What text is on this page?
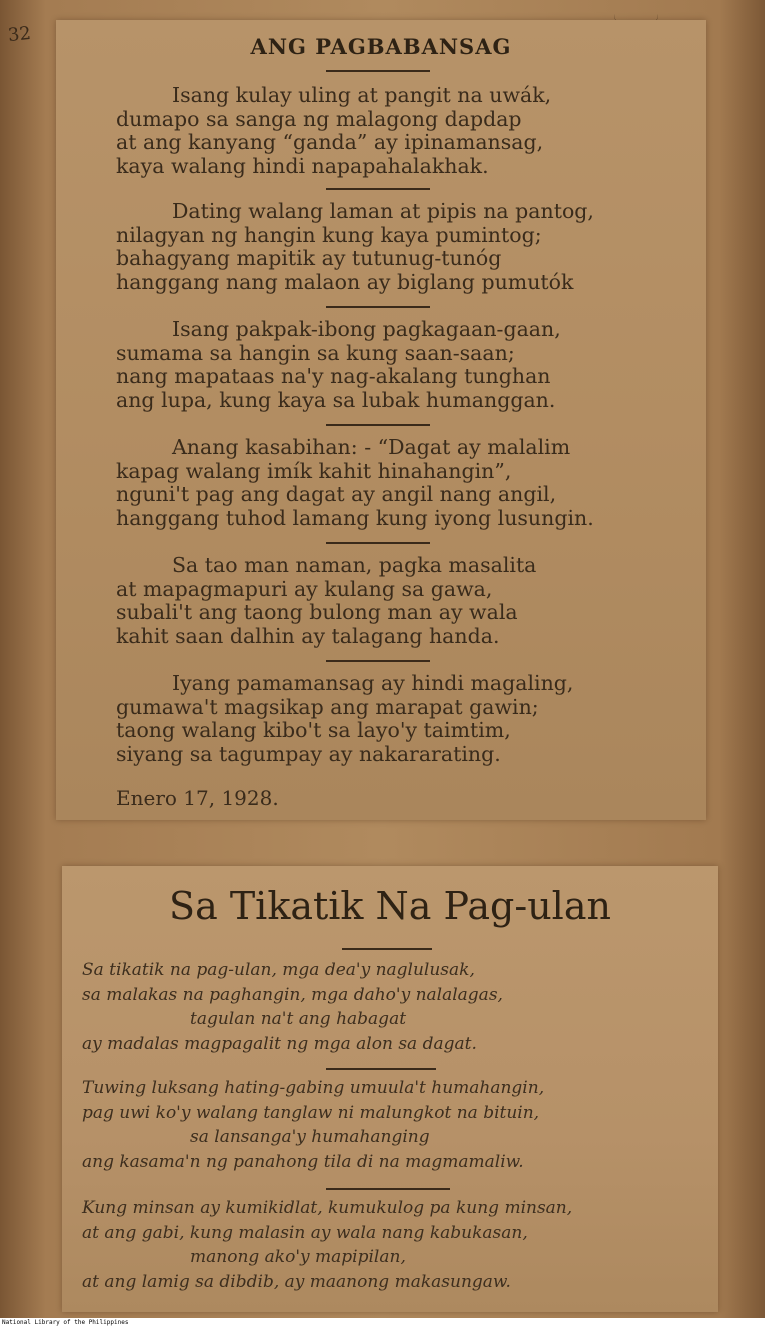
32	ANG PAGBABANSAG

Isang kulay uling at pangit na uwák,
dumapo sa sanga ng malagong dapdap
at ang kanyang “ganda” ay ipinamansag,
kaya walang hindi napapahalakhak.

Dating walang laman at pipis na pantog,
nilagyan ng hangin kung kaya pumintog;
bahagyang mapitik ay tutunug-tunóg
hanggang nang malaon ay biglang pumutók

Isang pakpak-ibong pagkagaan-gaan,
sumama sa hangin sa kung saan-saan;
nang mapataas na'y nag-akalang tunghan
ang lupa, kung kaya sa lubak humanggan.

Anang kasabihan: - “Dagat ay malalim
kapag walang imík kahit hinahangin”,
nguni't pag ang dagat ay angil nang angil,
hanggang tuhod lamang kung iyong lusungin.

Sa tao man naman, pagka masalita
at mapagmapuri ay kulang sa gawa,
subali't ang taong bulong man ay wala
kahit saan dalhin ay talagang handa.

Iyang pamamansag ay hindi magaling,
gumawa't magsikap ang marapat gawin;
taong walang kibo't sa layo'y taimtim,
siyang sa tagumpay ay nakararating.

Enero 17, 1928.
Sa Tikatik Na Pag-ulan

Sa tikatik na pag-ulan, mga dea'y naglulusak,
sa malakas na paghangin, mga daho'y nalalagas,
tagulan na't ang habagat
ay madalas magpagalit ng mga alon sa dagat.

Tuwing luksang hating-gabing umuula't humahangin,
pag uwi ko'y walang tanglaw ni malungkot na bituin,
sa lansanga'y humahanging
ang kasama'n ng panahong tila di na magmamaliw.

Kung minsan ay kumikidlat, kumukulog pa kung minsan,
at ang gabi, kung malasin ay wala nang kabukasan,
manong ako'y mapipilan,
at ang lamig sa dibdib, ay maanong makasungaw.

National Library of the Philippines
